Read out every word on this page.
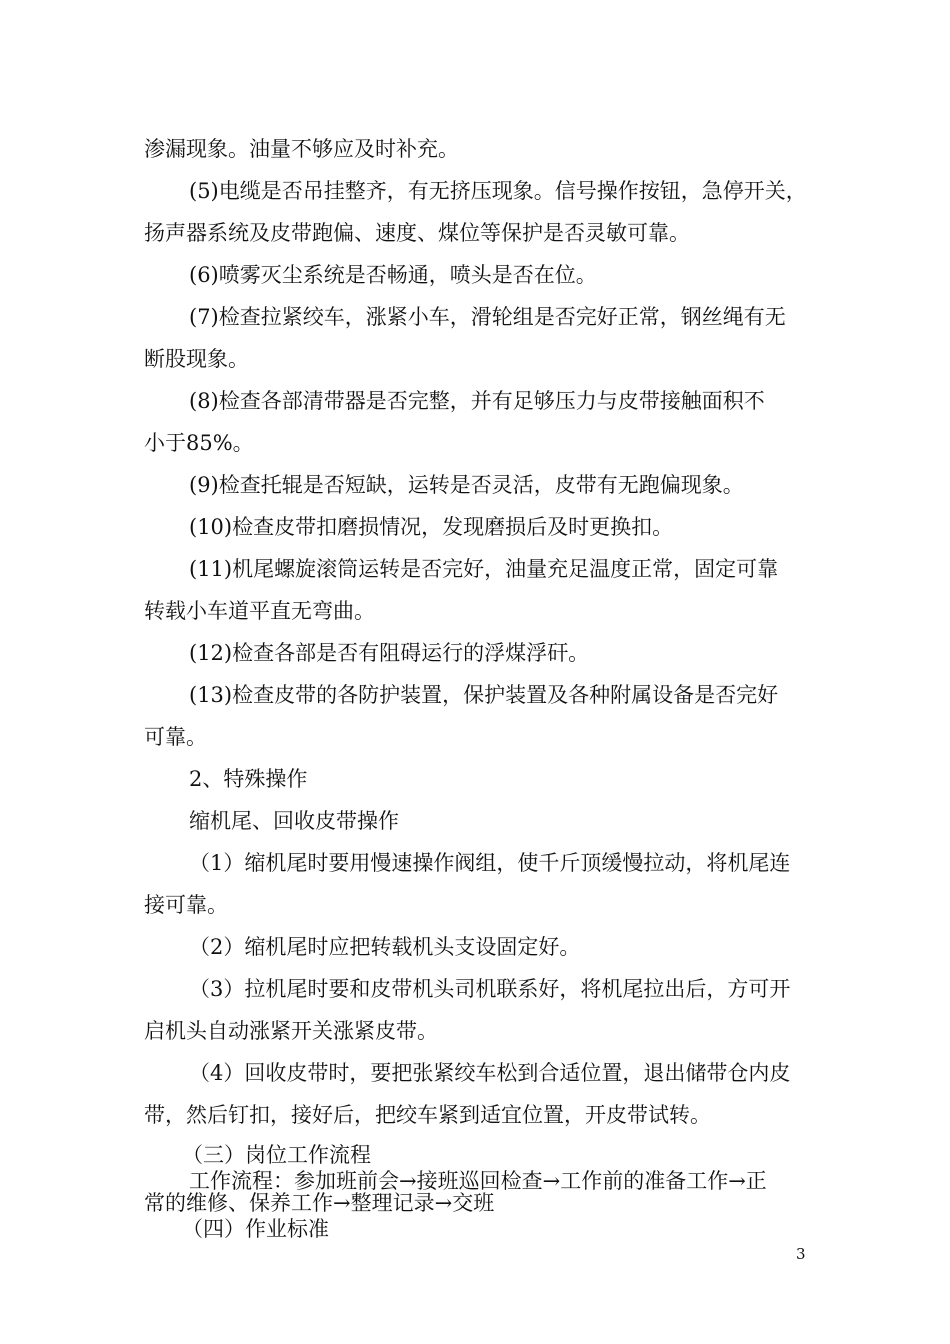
渗漏现象。油量不够应及时补充。
(5)电缆是否吊挂整齐，有无挤压现象。信号操作按钮，急停开关，
扬声器系统及皮带跑偏、速度、煤位等保护是否灵敏可靠。
(6)喷雾灭尘系统是否畅通，喷头是否在位。
(7)检查拉紧绞车，涨紧小车，滑轮组是否完好正常，钢丝绳有无
断股现象。
(8)检查各部清带器是否完整，并有足够压力与皮带接触面积不
小于85%。
(9)检查托辊是否短缺，运转是否灵活，皮带有无跑偏现象。
(10)检查皮带扣磨损情况，发现磨损后及时更换扣。
(11)机尾螺旋滚筒运转是否完好，油量充足温度正常，固定可靠
转载小车道平直无弯曲。
(12)检查各部是否有阻碍运行的浮煤浮矸。
(13)检查皮带的各防护装置，保护装置及各种附属设备是否完好
可靠。
2、特殊操作
缩机尾、回收皮带操作
（1）缩机尾时要用慢速操作阀组，使千斤顶缓慢拉动，将机尾连
接可靠。
（2）缩机尾时应把转载机头支设固定好。
（3）拉机尾时要和皮带机头司机联系好，将机尾拉出后，方可开
启机头自动涨紧开关涨紧皮带。
（4）回收皮带时，要把张紧绞车松到合适位置，退出储带仓内皮
带，然后钉扣，接好后，把绞车紧到适宜位置，开皮带试转。
（三）岗位工作流程
工作流程：参加班前会→接班巡回检查→工作前的准备工作→正
常的维修、保养工作→整理记录→交班
（四）作业标准
3
